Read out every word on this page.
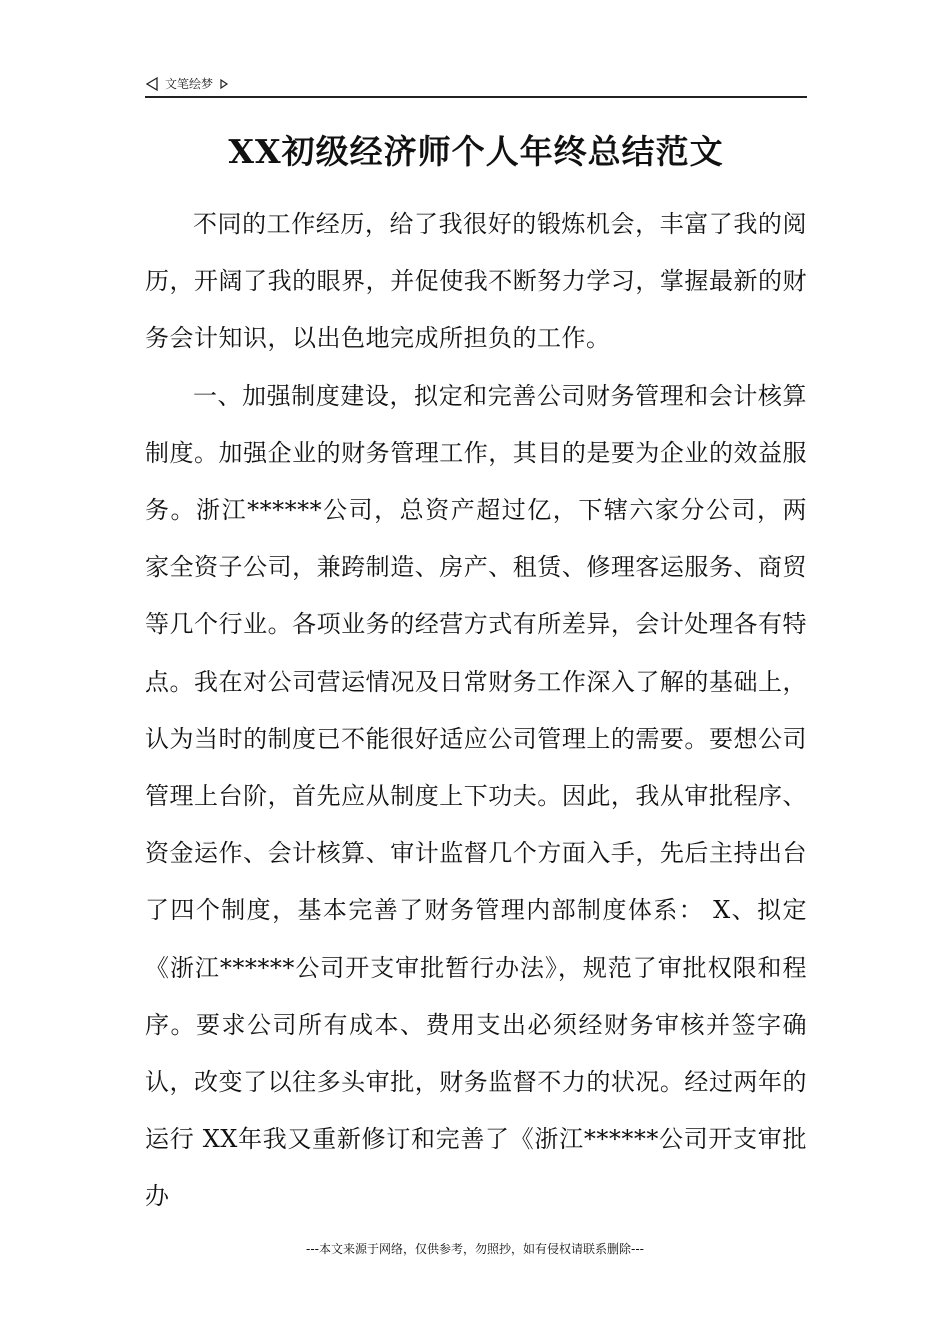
文笔绘梦
XX初级经济师个人年终总结范文

不同的工作经历，给了我很好的锻炼机会，丰富了我的阅历，开阔了我的眼界，并促使我不断努力学习，掌握最新的财务会计知识，以出色地完成所担负的工作。

一、加强制度建设，拟定和完善公司财务管理和会计核算制度。加强企业的财务管理工作，其目的是要为企业的效益服务。浙江******公司，总资产超过亿，下辖六家分公司，两家全资子公司，兼跨制造、房产、租赁、修理客运服务、商贸等几个行业。各项业务的经营方式有所差异，会计处理各有特点。我在对公司营运情况及日常财务工作深入了解的基础上，认为当时的制度已不能很好适应公司管理上的需要。要想公司管理上台阶，首先应从制度上下功夫。因此，我从审批程序、资金运作、会计核算、审计监督几个方面入手，先后主持出台了四个制度，基本完善了财务管理内部制度体系： X、拟定《浙江******公司开支审批暂行办法》，规范了审批权限和程序。要求公司所有成本、费用支出必须经财务审核并签字确认，改变了以往多头审批，财务监督不力的状况。经过两年的运行 XX年我又重新修订和完善了《浙江******公司开支审批办

---本文来源于网络，仅供参考，勿照抄，如有侵权请联系删除---
